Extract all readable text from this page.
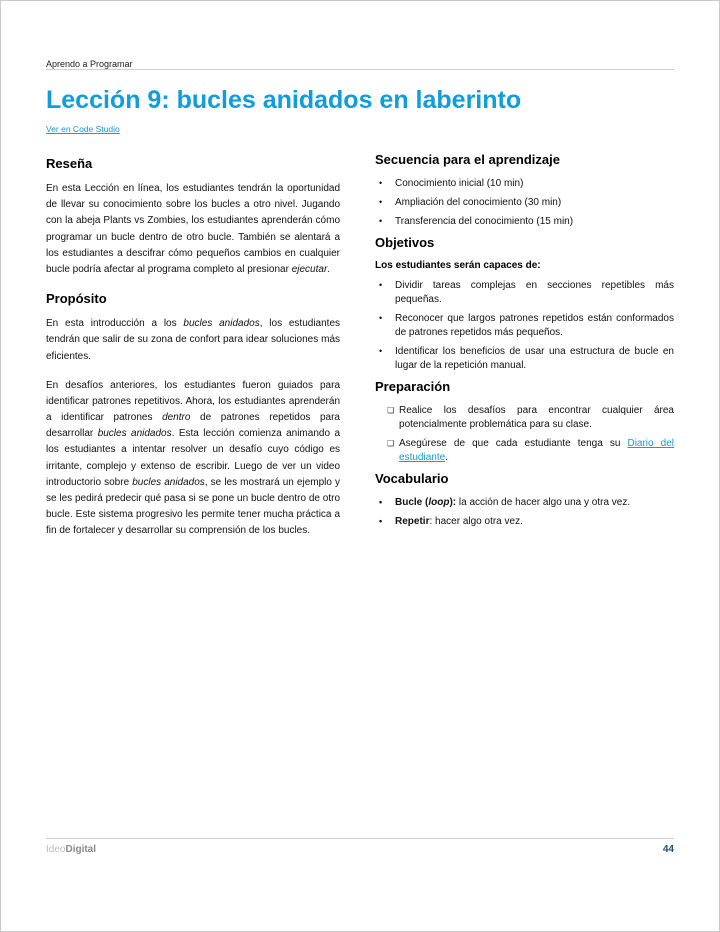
Aprendo a Programar
Lección 9: bucles anidados en laberinto
Ver en Code Studio
Reseña

En esta Lección en línea, los estudiantes tendrán la oportunidad de llevar su conocimiento sobre los bucles a otro nivel. Jugando con la abeja Plants vs Zombies, los estudiantes aprenderán cómo programar un bucle dentro de otro bucle. También se alentará a los estudiantes a descifrar cómo pequeños cambios en cualquier bucle podría afectar al programa completo al presionar ejecutar.

Propósito

En esta introducción a los bucles anidados, los estudiantes tendrán que salir de su zona de confort para idear soluciones más eficientes.

En desafíos anteriores, los estudiantes fueron guiados para identificar patrones repetitivos. Ahora, los estudiantes aprenderán a identificar patrones dentro de patrones repetidos para desarrollar bucles anidados. Esta lección comienza animando a los estudiantes a intentar resolver un desafío cuyo código es irritante, complejo y extenso de escribir. Luego de ver un video introductorio sobre bucles anidados, se les mostrará un ejemplo y se les pedirá predecir qué pasa si se pone un bucle dentro de otro bucle. Este sistema progresivo les permite tener mucha práctica a fin de fortalecer y desarrollar su comprensión de los bucles.

Secuencia para el aprendizaje
•	Conocimiento inicial (10 min)
•	Ampliación del conocimiento (30 min)
•	Transferencia del conocimiento (15 min)
Objetivos
Los estudiantes serán capaces de:
•	Dividir tareas complejas en secciones repetibles más pequeñas.
•	Reconocer que largos patrones repetidos están conformados de patrones repetidos más pequeños.
•	Identificar los beneficios de usar una estructura de bucle en lugar de la repetición manual.
Preparación
❑ Realice los desafíos para encontrar cualquier área potencialmente problemática para su clase.
❑ Asegúrese de que cada estudiante tenga su Diario del estudiante.
Vocabulario
•	Bucle (loop): la acción de hacer algo una y otra vez.
•	Repetir: hacer algo otra vez.
IdeoDigital	44
